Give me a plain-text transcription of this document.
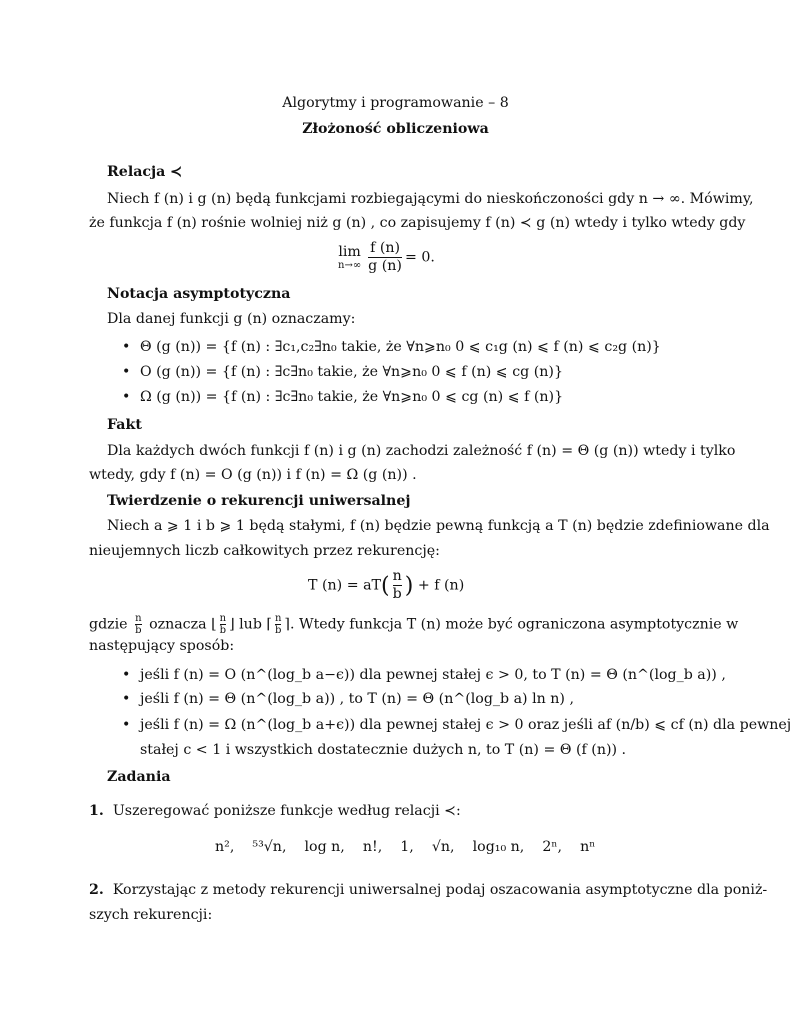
Algorytmy i programowanie – 8
Złożoność obliczeniowa
Relacja ≺
Niech f (n) i g (n) będą funkcjami rozbiegającymi do nieskończoności gdy n → ∞. Mówimy,
że funkcja f (n) rośnie wolniej niż g (n) , co zapisujemy f (n) ≺ g (n) wtedy i tylko wtedy gdy
lim
$n\to\infty \frac{f (n)}{g (n)} = 0$.
Notacja asymptotyczna
Dla danej funkcji g (n) oznaczamy:
• Θ (g (n)) = {f (n) : ∃c₁,c₂∃n₀ takie, że ∀n⩾n₀ 0 ⩽ c₁g (n) ⩽ f (n) ⩽ c₂g (n)}
• O (g (n)) = {f (n) : ∃c∃n₀ takie, że ∀n⩾n₀ 0 ⩽ f (n) ⩽ cg (n)}
• Ω (g (n)) = {f (n) : ∃c∃n₀ takie, że ∀n⩾n₀ 0 ⩽ cg (n) ⩽ f (n)}
Fakt
Dla każdych dwóch funkcji f (n) i g (n) zachodzi zależność f (n) = Θ (g (n)) wtedy i tylko
wtedy, gdy f (n) = O (g (n)) i f (n) = Ω (g (n)) .
Twierdzenie o rekurencji uniwersalnej
Niech a ⩾ 1 i b ⩾ 1 będą stałymi, f (n) będzie pewną funkcją a T (n) będzie zdefiniowane dla
nieujemnych liczb całkowitych przez rekurencję:
T $(n) = aT( \frac{n}{b}$ ) + f (n)
gdzie $\frac{n}{b}$ oznacza ⌊ $\frac{n}{b}$ ⌋ lub ⌈ $\frac{n}{b}$ ⌉. Wtedy funkcja T (n) może być ograniczona asymptotycznie w
następujący sposób:
• jeśli f (n) = O (n^(log_b a−ϵ)) dla pewnej stałej ϵ > 0, to T (n) = Θ (n^(log_b a)) ,
• jeśli f (n) = Θ (n^(log_b a)) , to T (n) = Θ (n^(log_b a) ln n) ,
• jeśli f (n) = Ω (n^(log_b a+ϵ)) dla pewnej stałej ϵ > 0 oraz jeśli af (n/b) ⩽ cf (n) dla pewnej
stałej c < 1 i wszystkich dostatecznie dużych n, to T (n) = Θ (f (n)) .
Zadania
1. Uszeregować poniższe funkcje według relacji ≺:
n², ⁵³√n, log n, n!, 1, √n, log₁₀ n, 2ⁿ, nⁿ
2. Korzystając z metody rekurencji uniwersalnej podaj oszacowania asymptotyczne dla poniż-
szych rekurencji:
